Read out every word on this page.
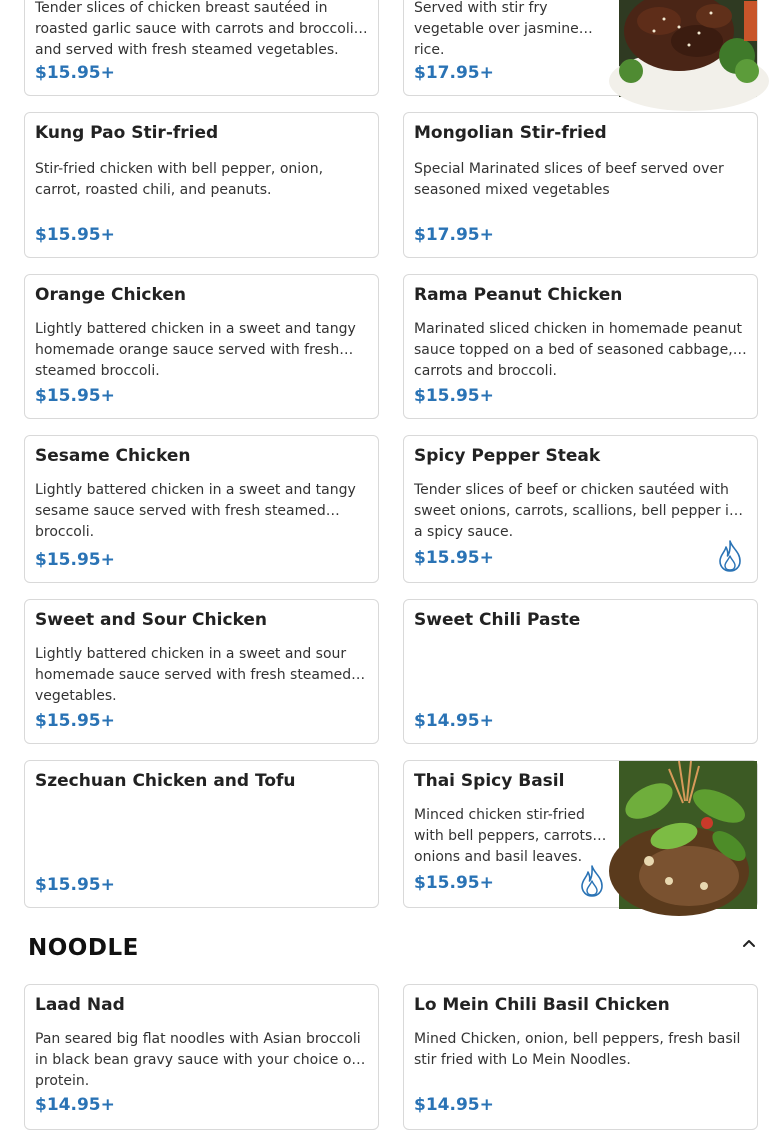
Tender slices of chicken breast sautéed in roasted garlic sauce with carrots and broccoli and served with fresh steamed vegetables.
$15.95+
Served with stir fry vegetable over jasmine rice.
$17.95+
Kung Pao Stir-fried
Stir-fried chicken with bell pepper, onion, carrot, roasted chili, and peanuts.
$15.95+
Mongolian Stir-fried
Special Marinated slices of beef served over seasoned mixed vegetables
$17.95+
Orange Chicken
Lightly battered chicken in a sweet and tangy homemade orange sauce served with fresh steamed broccoli.
$15.95+
Rama Peanut Chicken
Marinated sliced chicken in homemade peanut sauce topped on a bed of seasoned cabbage, carrots and broccoli.
$15.95+
Sesame Chicken
Lightly battered chicken in a sweet and tangy sesame sauce served with fresh steamed broccoli.
$15.95+
Spicy Pepper Steak
Tender slices of beef or chicken sautéed with sweet onions, carrots, scallions, bell pepper in a spicy sauce.
$15.95+
Sweet and Sour Chicken
Lightly battered chicken in a sweet and sour homemade sauce served with fresh steamed vegetables.
$15.95+
Sweet Chili Paste
$14.95+
Szechuan Chicken and Tofu
$15.95+
Thai Spicy Basil
Minced chicken stir-fried with bell peppers, carrots, onions and basil leaves.
$15.95+
NOODLE
Laad Nad
Pan seared big flat noodles with Asian broccoli in black bean gravy sauce with your choice of protein.
$14.95+
Lo Mein Chili Basil Chicken
Mined Chicken, onion, bell peppers, fresh basil stir fried with Lo Mein Noodles.
$14.95+
